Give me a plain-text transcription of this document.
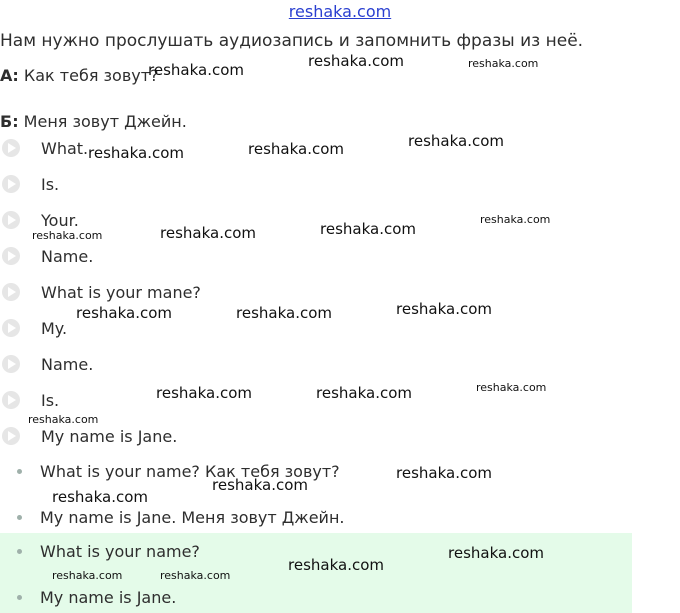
reshaka.com
Нам нужно прослушать аудиозапись и запомнить фразы из неё.
А: Как тебя зовут?
Б: Меня зовут Джейн.
What.
Is.
Your.
Name.
What is your mane?
My.
Name.
Is.
My name is Jane.
What is your name? Как тебя зовут?
My name is Jane. Меня зовут Джейн.
What is your name?
My name is Jane.
reshaka.com	reshaka.com	reshaka.com
reshaka.com	reshaka.com	reshaka.com
reshaka.com	reshaka.com	reshaka.com
reshaka.com
reshaka.com	reshaka.com	reshaka.com
reshaka.com	reshaka.com	reshaka.com
reshaka.com
reshaka.com
reshaka.com
reshaka.com
reshaka.com
reshaka.com
reshaka.com	reshaka.com
